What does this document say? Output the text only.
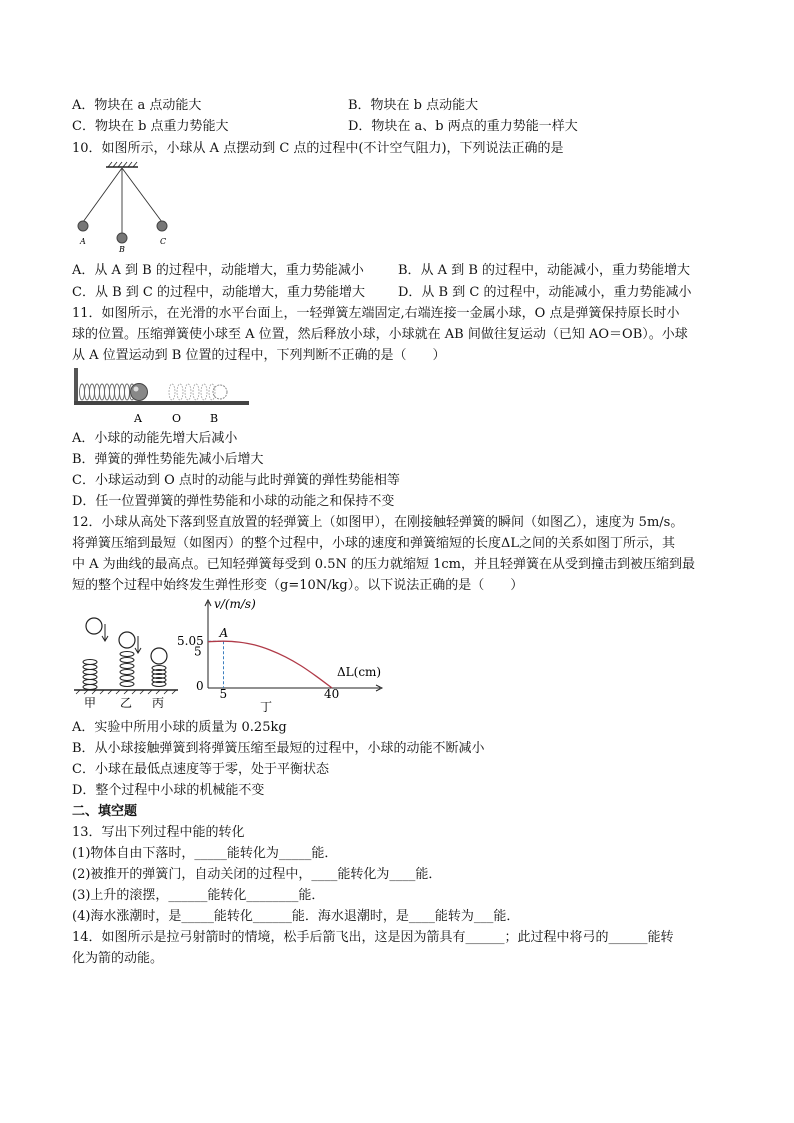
A．物块在 a 点动能大	B．物块在 b 点动能大
C．物块在 b 点重力势能大	D．物块在 a、b 两点的重力势能一样大
10．如图所示，小球从 A 点摆动到 C 点的过程中(不计空气阻力)，下列说法正确的是
A
B
C
A．从 A 到 B 的过程中，动能增大，重力势能减小	B．从 A 到 B 的过程中，动能减小，重力势能增大
C．从 B 到 C 的过程中，动能增大，重力势能增大	D．从 B 到 C 的过程中，动能减小，重力势能减小
11．如图所示，在光滑的水平台面上，一轻弹簧左端固定,右端连接一金属小球，O 点是弹簧保持原长时小
球的位置。压缩弹簧使小球至 A 位置，然后释放小球，小球就在 AB 间做往复运动（已知 AO＝OB）。小球
从 A 位置运动到 B 位置的过程中，下列判断不正确的是（　　）
A	O	B
A．小球的动能先增大后减小
B．弹簧的弹性势能先减小后增大
C．小球运动到 O 点时的动能与此时弹簧的弹性势能相等
D．任一位置弹簧的弹性势能和小球的动能之和保持不变
12．小球从高处下落到竖直放置的轻弹簧上（如图甲），在刚接触轻弹簧的瞬间（如图乙），速度为 5m/s。
将弹簧压缩到最短（如图丙）的整个过程中，小球的速度和弹簧缩短的长度ΔL之间的关系如图丁所示，其
中 A 为曲线的最高点。已知轻弹簧每受到 0.5N 的压力就缩短 1cm，并且轻弹簧在从受到撞击到被压缩到最
短的整个过程中始终发生弹性形变（g=10N/kg）。以下说法正确的是（　　）
甲 乙 丙
v/(m/s)
ΔL(cm)
A
5.05
5
0
5	40
丁
A．实验中所用小球的质量为 0.25kg
B．从小球接触弹簧到将弹簧压缩至最短的过程中，小球的动能不断减小
C．小球在最低点速度等于零，处于平衡状态
D．整个过程中小球的机械能不变
二、填空题
13．写出下列过程中能的转化
(1)物体自由下落时，_____能转化为_____能．
(2)被推开的弹簧门，自动关闭的过程中，____能转化为____能．
(3)上升的滚摆，______能转化________能．
(4)海水涨潮时，是_____能转化______能．海水退潮时，是____能转为___能．
14．如图所示是拉弓射箭时的情境，松手后箭飞出，这是因为箭具有______；此过程中将弓的______能转
化为箭的动能。
